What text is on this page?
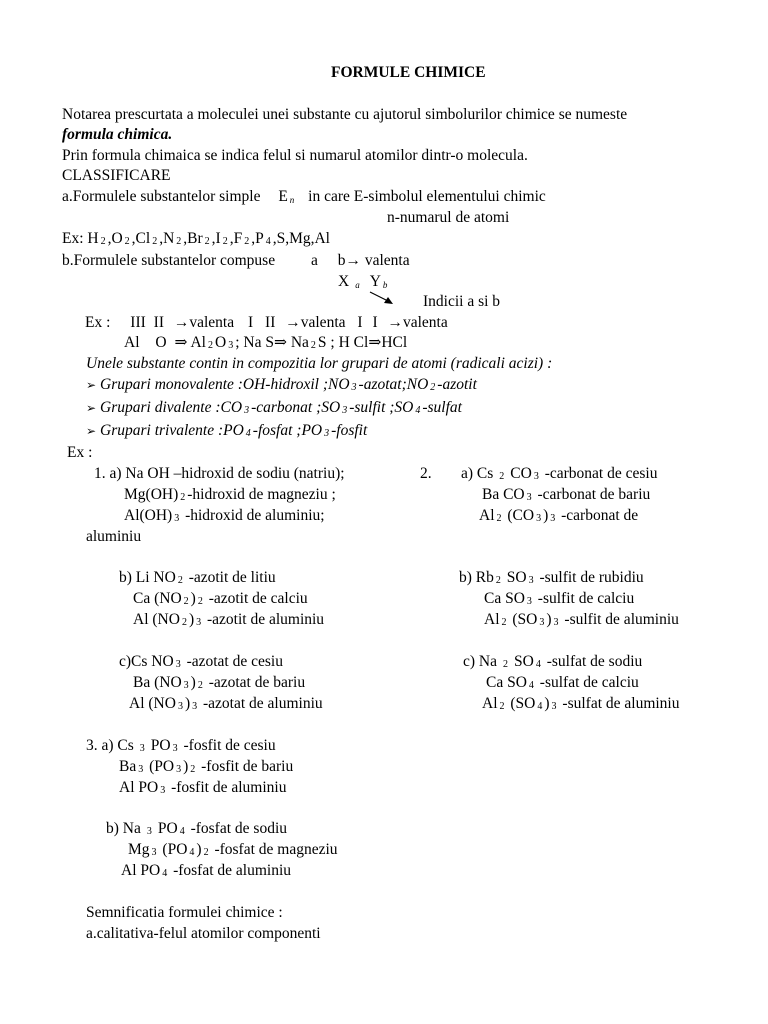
FORMULE CHIMICE
Notarea prescurtata a moleculei unei substante cu ajutorul simbolurilor chimice se numeste
formula chimica.
Prin formula chimaica se indica felul si numarul atomilor dintr-o molecula.
CLASSIFICARE
a.Formulele substantelor simple E n in care E-simbolul elementului chimic
n-numarul de atomi
Ex: H 2 ,O 2 ,Cl 2 ,N 2 ,Br 2 ,I 2 ,F 2 ,P 4 ,S,Mg,Al
b.Formulele substantelor compuse a b→ valenta
Xa Y b
Indicii a si b
Ex : III II →valenta I II →valenta I I →valenta
Al O ⇒ Al 2 O 3 ; Na S⇒ Na 2 S ; H Cl⇒HCl
Unele substante contin in compozitia lor grupari de atomi (radicali acizi) :
➢ Grupari monovalente :OH-hidroxil ;NO 3 -azotat;NO 2 -azotit
➢ Grupari divalente :CO 3 -carbonat ;SO 3 -sulfit ;SO 4 -sulfat
➢ Grupari trivalente :PO 4 -fosfat ;PO 3 -fosfit
Ex :
1. a) Na OH –hidroxid de sodiu (natriu);
Mg(OH) 2 -hidroxid de magneziu ;
Al(OH) 3 -hidroxid de aluminiu;
2. a) Cs 2 CO 3 -carbonat de cesiu
Ba CO 3 -carbonat de bariu
Al 2 (CO 3 ) 3 -carbonat de
aluminiu
b) Li NO 2 -azotit de litiu
Ca (NO 2 ) 2 -azotit de calciu
Al (NO 2 ) 3 -azotit de aluminiu
b) Rb 2 SO 3 -sulfit de rubidiu
Ca SO 3 -sulfit de calciu
Al 2 (SO 3 ) 3 -sulfit de aluminiu
c)Cs NO 3 -azotat de cesiu
Ba (NO 3 ) 2 -azotat de bariu
Al (NO 3 ) 3 -azotat de aluminiu
c) Na 2 SO 4 -sulfat de sodiu
Ca SO 4 -sulfat de calciu
Al 2 (SO 4 ) 3 -sulfat de aluminiu
3. a) Cs 3 PO 3 -fosfit de cesiu
Ba 3 (PO 3 ) 2 -fosfit de bariu
Al PO 3 -fosfit de aluminiu
b) Na 3 PO 4 -fosfat de sodiu
Mg 3 (PO 4 ) 2 -fosfat de magneziu
Al PO 4 -fosfat de aluminiu
Semnificatia formulei chimice :
a.calitativa-felul atomilor componenti
